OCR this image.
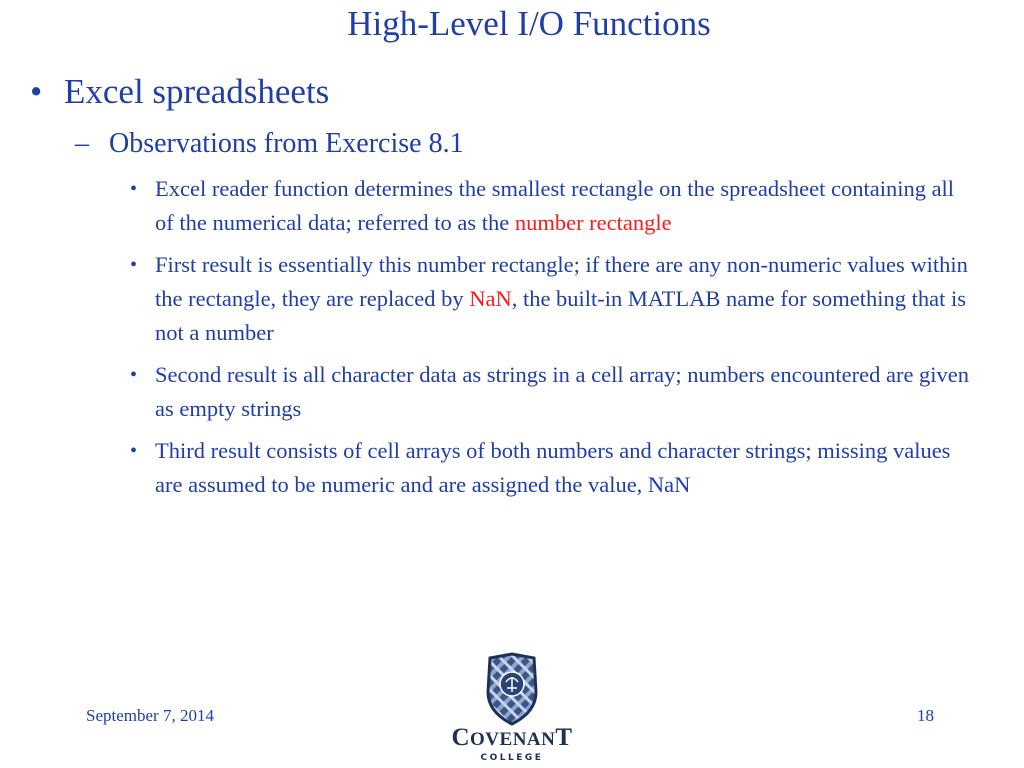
High-Level I/O Functions
• Excel spreadsheets
– Observations from Exercise 8.1
• Excel reader function determines the smallest rectangle on the spreadsheet containing all of the numerical data; referred to as the number rectangle
• First result is essentially this number rectangle; if there are any non-numeric values within the rectangle, they are replaced by NaN, the built-in MATLAB name for something that is not a number
• Second result is all character data as strings in a cell array; numbers encountered are given as empty strings
• Third result consists of cell arrays of both numbers and character strings; missing values are assumed to be numeric and are assigned the value, NaN
September 7, 2014	18
COVENANT
COLLEGE
